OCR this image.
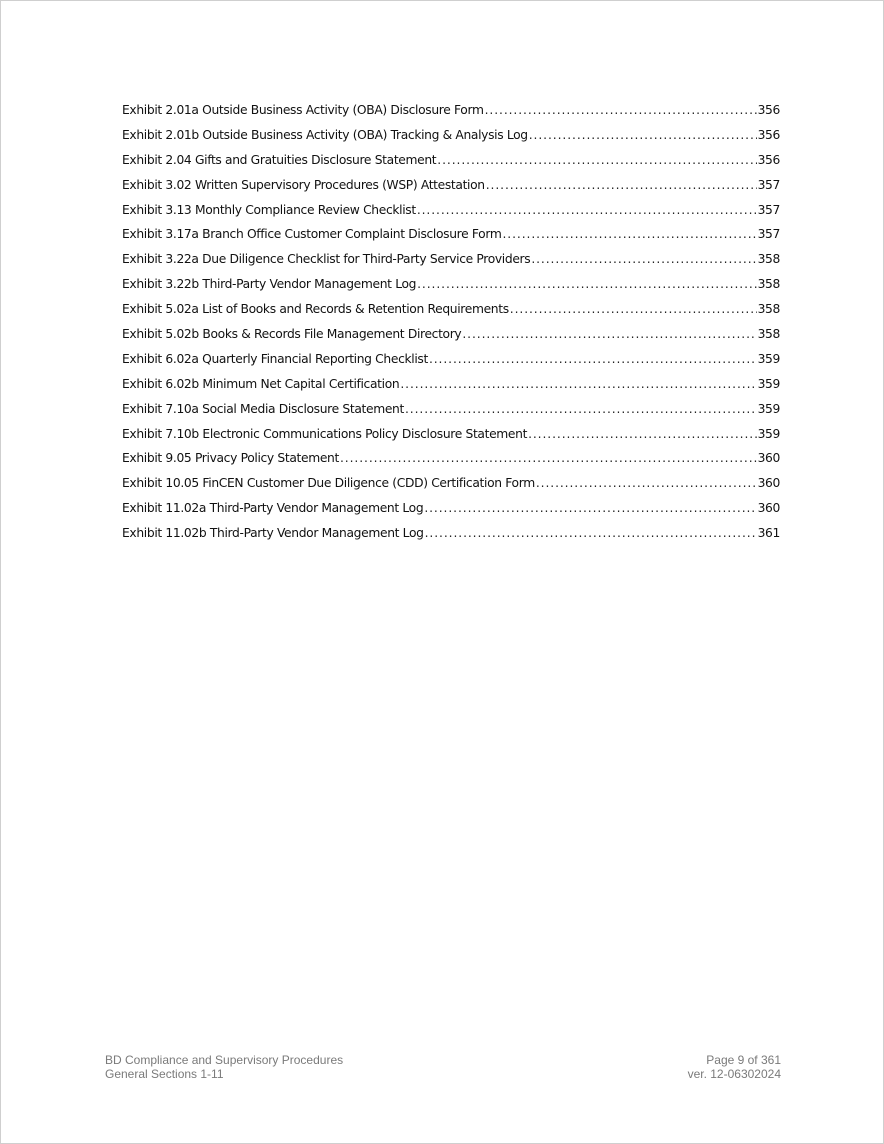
Exhibit 2.01a Outside Business Activity (OBA) Disclosure Form .....	356
Exhibit 2.01b Outside Business Activity (OBA) Tracking & Analysis Log .....	356
Exhibit 2.04 Gifts and Gratuities Disclosure Statement .....	356
Exhibit 3.02 Written Supervisory Procedures (WSP) Attestation .....	357
Exhibit 3.13 Monthly Compliance Review Checklist .....	357
Exhibit 3.17a Branch Office Customer Complaint Disclosure Form .....	357
Exhibit 3.22a Due Diligence Checklist for Third-Party Service Providers .....	358
Exhibit 3.22b Third-Party Vendor Management Log .....	358
Exhibit 5.02a List of Books and Records & Retention Requirements .....	358
Exhibit 5.02b Books & Records File Management Directory .....	358
Exhibit 6.02a Quarterly Financial Reporting Checklist .....	359
Exhibit 6.02b Minimum Net Capital Certification .....	359
Exhibit 7.10a Social Media Disclosure Statement .....	359
Exhibit 7.10b Electronic Communications Policy Disclosure Statement .....	359
Exhibit 9.05 Privacy Policy Statement .....	360
Exhibit 10.05 FinCEN Customer Due Diligence (CDD) Certification Form .....	360
Exhibit 11.02a Third-Party Vendor Management Log .....	360
Exhibit 11.02b Third-Party Vendor Management Log .....	361
BD Compliance and Supervisory Procedures
General Sections 1-11
Page 9 of 361
ver. 12-06302024
